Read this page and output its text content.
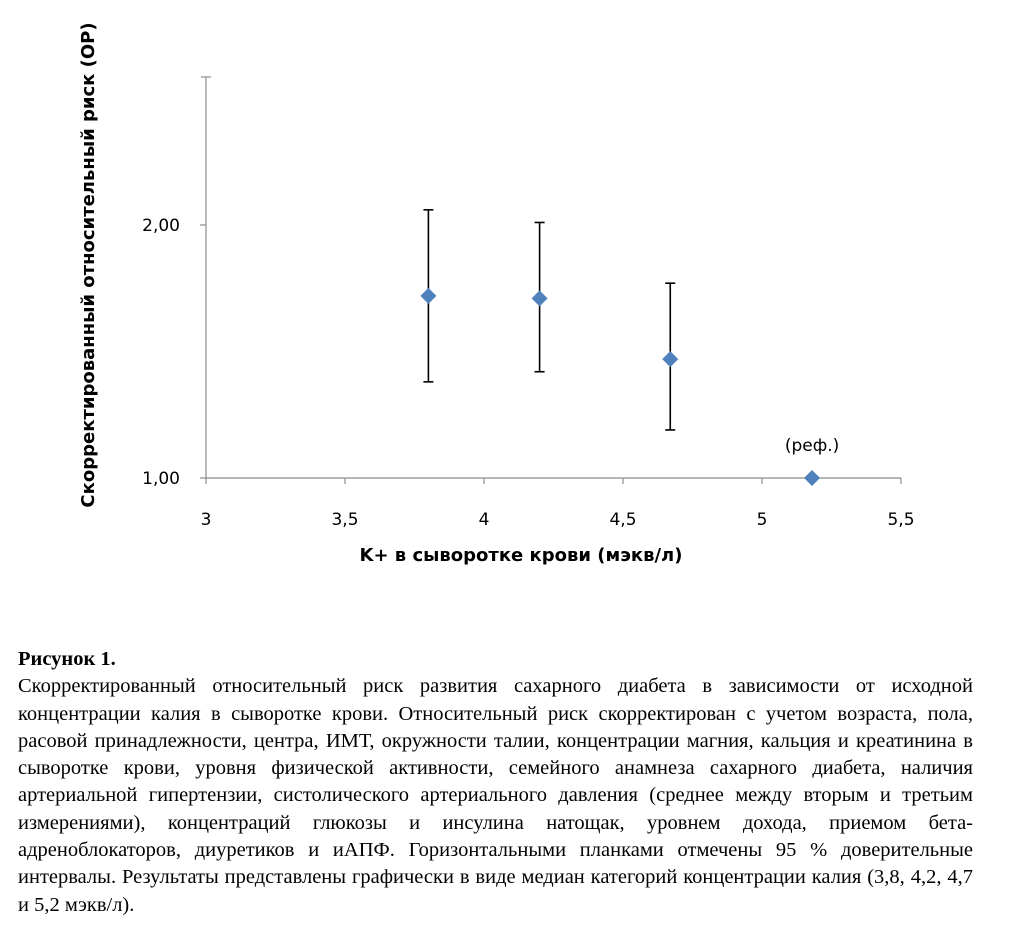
3	3,5	4	4,5	5	5,5
1,00
2,00
(реф.)
K+ в сыворотке крови (мэкв/л)
Скорректированный относительный риск (ОР)
Рисунок 1.
Скорректированный относительный риск развития сахарного диабета в зависимости от исходной концентрации калия в сыворотке крови. Относительный риск скорректирован с учетом возраста, пола, расовой принадлежности, центра, ИМТ, окружности талии, концентрации магния, кальция и креатинина в сыворотке крови, уровня физической активности, семейного анамнеза сахарного диабета, наличия артериальной гипертензии, систолического артериального давления (среднее между вторым и третьим измерениями), концентраций глюкозы и инсулина натощак, уровнем дохода, приемом бета-адреноблокаторов, диуретиков и иАПФ. Горизонтальными планками отмечены 95 % доверительные интервалы. Результаты представлены графически в виде медиан категорий концентрации калия (3,8, 4,2, 4,7 и 5,2 мэкв/л).
